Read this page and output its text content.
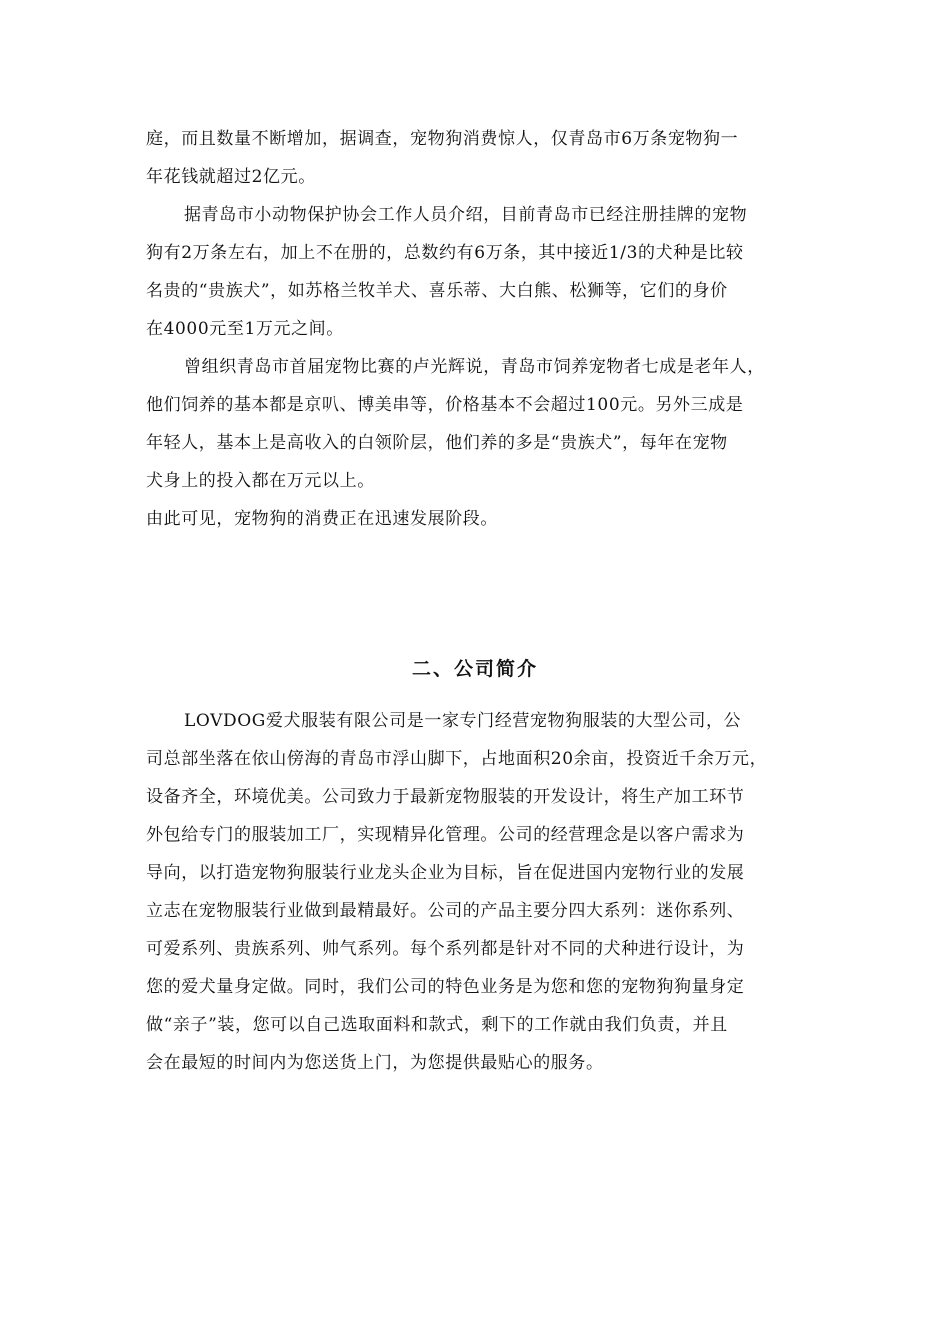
庭，而且数量不断增加，据调查，宠物狗消费惊人，仅青岛市6万条宠物狗一
年花钱就超过2亿元。
据青岛市小动物保护协会工作人员介绍，目前青岛市已经注册挂牌的宠物
狗有2万条左右，加上不在册的，总数约有6万条，其中接近1/3的犬种是比较
名贵的“贵族犬”，如苏格兰牧羊犬、喜乐蒂、大白熊、松狮等，它们的身价
在4000元至1万元之间。
曾组织青岛市首届宠物比赛的卢光辉说，青岛市饲养宠物者七成是老年人，
他们饲养的基本都是京叭、博美串等，价格基本不会超过100元。另外三成是
年轻人，基本上是高收入的白领阶层，他们养的多是“贵族犬”，每年在宠物
犬身上的投入都在万元以上。
由此可见，宠物狗的消费正在迅速发展阶段。
二、公司简介
LOVDOG爱犬服装有限公司是一家专门经营宠物狗服装的大型公司，公
司总部坐落在依山傍海的青岛市浮山脚下，占地面积20余亩，投资近千余万元，
设备齐全，环境优美。公司致力于最新宠物服装的开发设计，将生产加工环节
外包给专门的服装加工厂，实现精异化管理。公司的经营理念是以客户需求为
导向，以打造宠物狗服装行业龙头企业为目标，旨在促进国内宠物行业的发展
立志在宠物服装行业做到最精最好。公司的产品主要分四大系列：迷你系列、
可爱系列、贵族系列、帅气系列。每个系列都是针对不同的犬种进行设计，为
您的爱犬量身定做。同时，我们公司的特色业务是为您和您的宠物狗狗量身定
做“亲子”装，您可以自己选取面料和款式，剩下的工作就由我们负责，并且
会在最短的时间内为您送货上门，为您提供最贴心的服务。
